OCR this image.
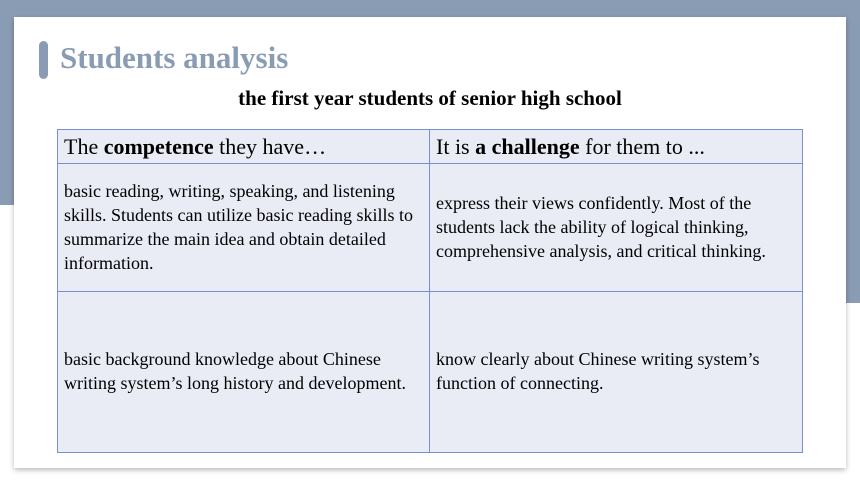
Students analysis
the first year students of senior high school
The competence they have…	It is a challenge for them to ...
basic reading, writing, speaking, and listening skills. Students can utilize basic reading skills to summarize the main idea and obtain detailed information.	express their views confidently. Most of the students lack the ability of logical thinking, comprehensive analysis, and critical thinking.
basic background knowledge about Chinese writing system’s long history and development.	know clearly about Chinese writing system’s function of connecting.
